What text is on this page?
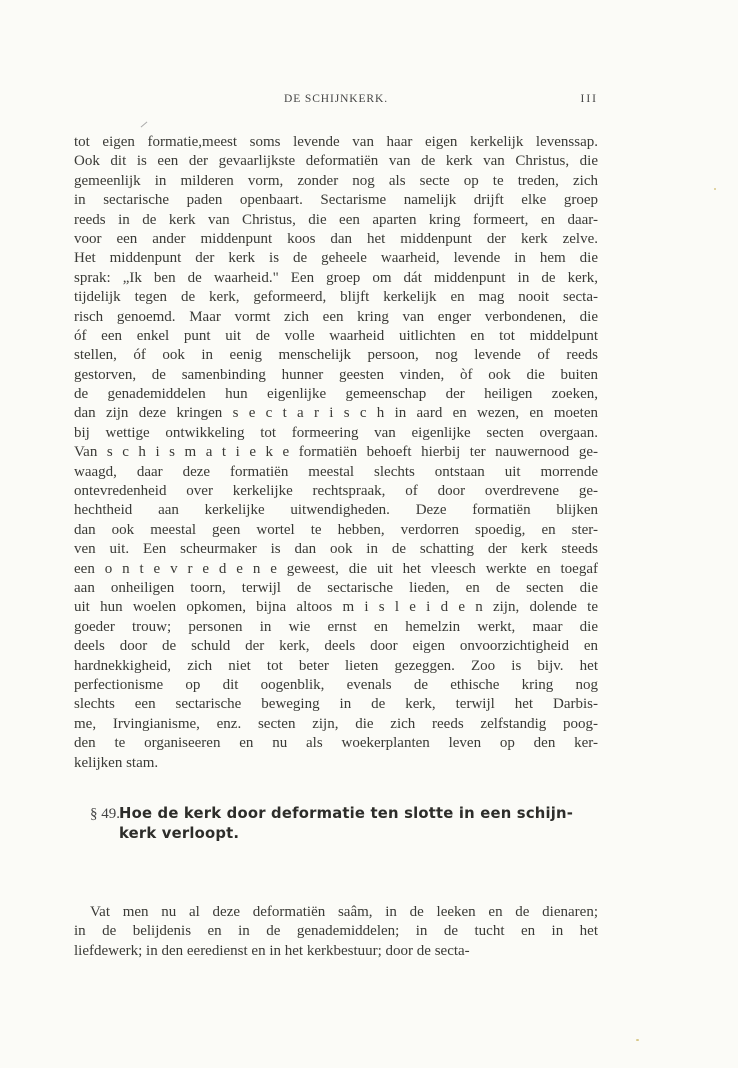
DE SCHIJNKERK.	III
tot eigen formatie,meest soms levende van haar eigen kerkelijk levenssap.
Ook dit is een der gevaarlijkste deformatiën van de kerk van Christus, die
gemeenlijk in milderen vorm, zonder nog als secte op te treden, zich
in sectarische paden openbaart. Sectarisme namelijk drijft elke groep
reeds in de kerk van Christus, die een aparten kring formeert, en daar-
voor een ander middenpunt koos dan het middenpunt der kerk zelve.
Het middenpunt der kerk is de geheele waarheid, levende in hem die
sprak: „Ik ben de waarheid." Een groep om dát middenpunt in de kerk,
tijdelijk tegen de kerk, geformeerd, blijft kerkelijk en mag nooit secta-
risch genoemd. Maar vormt zich een kring van enger verbondenen, die
óf een enkel punt uit de volle waarheid uitlichten en tot middelpunt
stellen, óf ook in eenig menschelijk persoon, nog levende of reeds
gestorven, de samenbinding hunner geesten vinden, òf ook die buiten
de genademiddelen hun eigenlijke gemeenschap der heiligen zoeken,
dan zijn deze kringen s e c t a r i s c h in aard en wezen, en moeten
bij wettige ontwikkeling tot formeering van eigenlijke secten overgaan.
Van s c h i s m a t i e k e formatiën behoeft hierbij ter nauwernood ge-
waagd, daar deze formatiën meestal slechts ontstaan uit morrende
ontevredenheid over kerkelijke rechtspraak, of door overdrevene ge-
hechtheid aan kerkelijke uitwendigheden. Deze formatiën blijken
dan ook meestal geen wortel te hebben, verdorren spoedig, en ster-
ven uit. Een scheurmaker is dan ook in de schatting der kerk steeds
een o n t e v r e d e n e geweest, die uit het vleesch werkte en toegaf
aan onheiligen toorn, terwijl de sectarische lieden, en de secten die
uit hun woelen opkomen, bijna altoos m i s l e i d e n zijn, dolende te
goeder trouw; personen in wie ernst en hemelzin werkt, maar die
deels door de schuld der kerk, deels door eigen onvoorzichtigheid en
hardnekkigheid, zich niet tot beter lieten gezeggen. Zoo is bijv. het
perfectionisme op dit oogenblik, evenals de ethische kring nog
slechts een sectarische beweging in de kerk, terwijl het Darbis-
me, Irvingianisme, enz. secten zijn, die zich reeds zelfstandig poog-
den te organiseeren en nu als woekerplanten leven op den ker-
kelijken stam.
§ 49.Hoe de kerk door deformatie ten slotte in een schijn-
kerk verloopt.
Vat men nu al deze deformatiën saâm, in de leeken en de dienaren;
in de belijdenis en in de genademiddelen; in de tucht en in het
liefdewerk; in den eeredienst en in het kerkbestuur; door de secta-
